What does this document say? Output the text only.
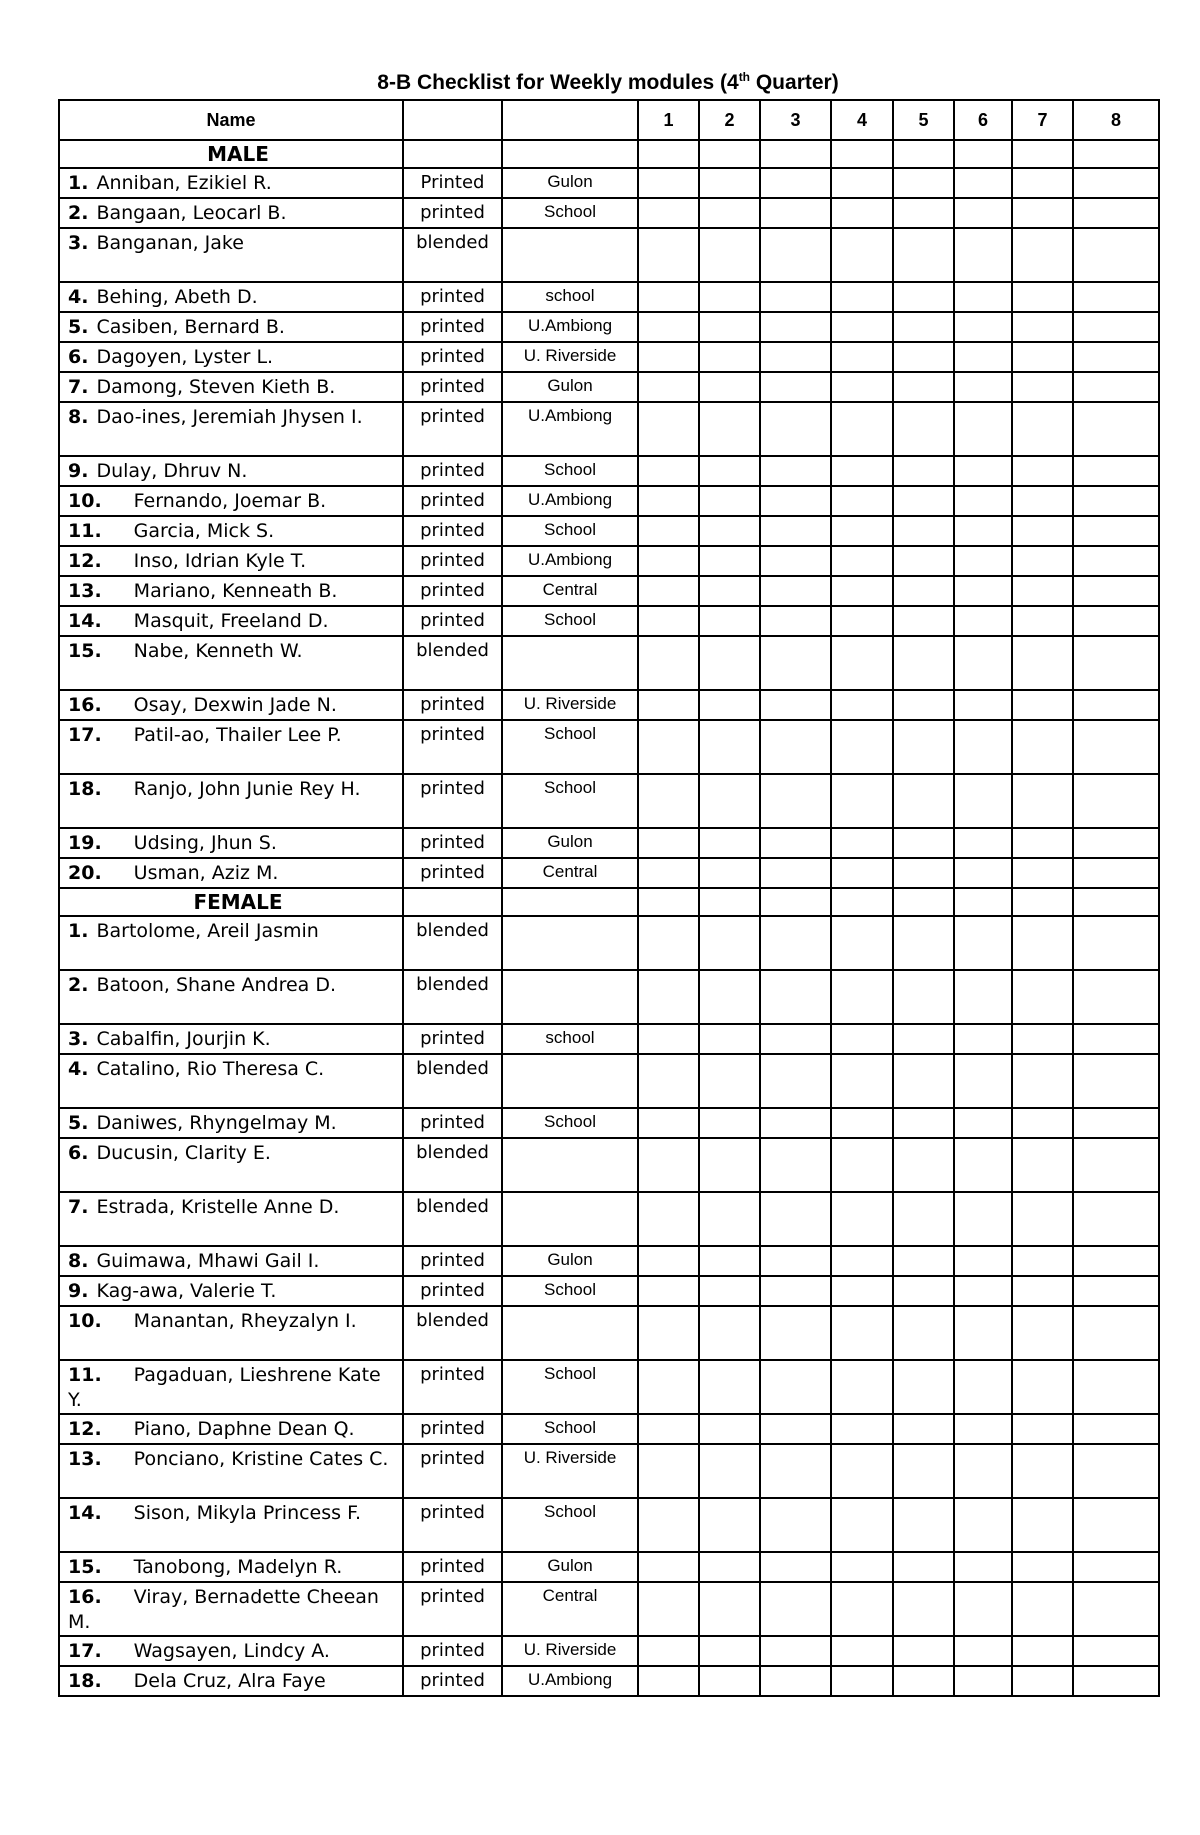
8-B Checklist for Weekly modules (4th Quarter)
Name			1	2	3	4	5	6	7	8
MALE										
1. Anniban, Ezikiel R.	Printed	Gulon								
2. Bangaan, Leocarl B.	printed	School								
3. Banganan, Jake	blended									
4. Behing, Abeth D.	printed	school								
5. Casiben, Bernard B.	printed	U.Ambiong								
6. Dagoyen, Lyster L.	printed	U. Riverside								
7. Damong, Steven Kieth B.	printed	Gulon								
8. Dao-ines, Jeremiah Jhysen I.	printed	U.Ambiong								
9. Dulay, Dhruv N.	printed	School								
10. Fernando, Joemar B.	printed	U.Ambiong								
11. Garcia, Mick S.	printed	School								
12. Inso, Idrian Kyle T.	printed	U.Ambiong								
13. Mariano, Kenneath B.	printed	Central								
14. Masquit, Freeland D.	printed	School								
15. Nabe, Kenneth W.	blended									
16. Osay, Dexwin Jade N.	printed	U. Riverside								
17. Patil-ao, Thailer Lee P.	printed	School								
18. Ranjo, John Junie Rey H.	printed	School								
19. Udsing, Jhun S.	printed	Gulon								
20. Usman, Aziz M.	printed	Central								
FEMALE										
1. Bartolome, Areil Jasmin	blended									
2. Batoon, Shane Andrea D.	blended									
3. Cabalfin, Jourjin K.	printed	school								
4. Catalino, Rio Theresa C.	blended									
5. Daniwes, Rhyngelmay M.	printed	School								
6. Ducusin, Clarity E.	blended									
7. Estrada, Kristelle Anne D.	blended									
8. Guimawa, Mhawi Gail I.	printed	Gulon								
9. Kag-awa, Valerie T.	printed	School								
10. Manantan, Rheyzalyn I.	blended									
11. Pagaduan, Lieshrene Kate Y.	printed	School								
12. Piano, Daphne Dean Q.	printed	School								
13. Ponciano, Kristine Cates C.	printed	U. Riverside								
14. Sison, Mikyla Princess F.	printed	School								
15. Tanobong, Madelyn R.	printed	Gulon								
16. Viray, Bernadette Cheean M.	printed	Central								
17. Wagsayen, Lindcy A.	printed	U. Riverside								
18. Dela Cruz, Alra Faye	printed	U.Ambiong								
